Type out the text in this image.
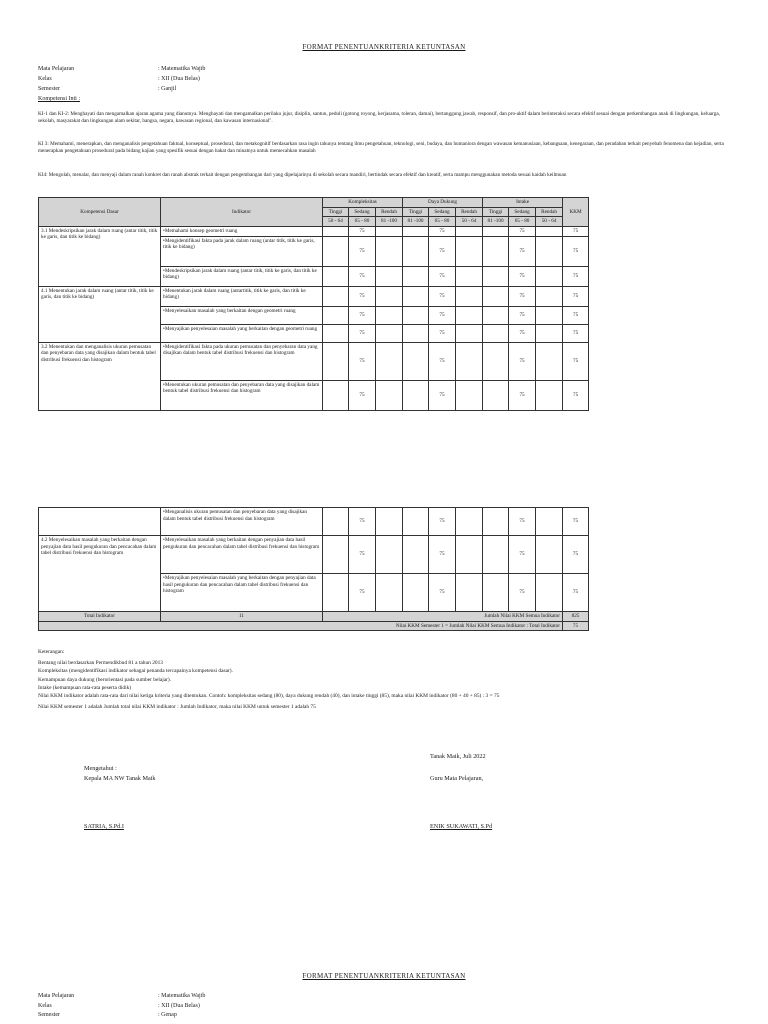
FORMAT PENENTUANKRITERIA KETUNTASAN
Mata Pelajaran	: Matematika Wajib
Kelas	: XII (Dua Belas)
Semester	: Ganjil
Kompetensi Inti :
KI-1 dan KI-2: Menghayati dan mengamalkan ajaran agama yang dianutnya. Menghayati dan mengamalkan perilaku jujur, disiplin, santun, peduli (gotong royong, kerjasama, toleran, damai), bertanggung jawab, responsif, dan pro-aktif dalam berinteraksi secara efektif sesuai dengan perkembangan anak di lingkungan, keluarga, sekolah, masyarakat dan lingkungan alam sekitar, bangsa, negara, kawasan regional, dan kawasan internasional".
KI 3: Memahami, menerapkan, dan menganalisis pengetahuan faktual, konseptual, prosedural, dan metakognitif berdasarkan rasa ingin tahunya tentang ilmu pengetahuan, teknologi, seni, budaya, dan humaniora dengan wawasan kemanusiaan, kebangsaan, kenegaraan, dan peradaban terkait penyebab fenomena dan kejadian, serta menerapkan pengetahuan prosedural pada bidang kajian yang spesifik sesuai dengan bakat dan minatnya untuk memecahkan masalah
KI4: Mengolah, menalar, dan menyaji dalam ranah konkret dan ranah abstrak terkait dengan pengembangan dari yang dipelajarinya di sekolah secara mandiri, bertindak secara efektif dan kreatif, serta mampu menggunakan metoda sesuai kaidah keilmuan
Kompetensi Dasar	Indikator	Kompleksitas			Daya Dukung			Intake			KKM
		Tinggi	Sedang	Rendah	Tinggi	Sedang	Rendah	Tinggi	Sedang	Rendah	
		50 - 64	65 - 80	81 -100	81 -100	65 - 80	50 - 64	81 -100	65 - 80	50 - 64	
3.1 Mendeskripsikan jarak dalam ruang (antar titik, titik ke garis, dan titik ke bidang)	• Memahami konsep geometri ruang		75			75			75		75
	• Mengidentifikasi fakta pada jarak dalam ruang (antar titik, titik ke garis, titik ke bidang)		75			75			75		75
	• Mendeskripsikan jarak dalam ruang (antar titik, titik ke garis, dan titik ke bidang)		75			75			75		75
4.1 Menentukan jarak dalam ruang (antar titik, titik ke garis, dan titik ke bidang)	• Menentukan jarak dalam ruang (antartitik, titik ke garis, dan titik ke bidang)		75			75			75		75
	• Menyelesaikan masalah yang berkaitan dengan geometri ruang		75			75			75		75
	• Menyajikan penyelesaian masalah yang berkaitan dengan geometri ruang		75			75			75		75
3.2 Menentukan dan menganalisis ukuran pemusatan dan penyebaran data yang disajikan dalam bentuk tabel distribusi frekuensi dan histogram	• Mengidentifikasi fakta pada ukuran pemusatan dan penyebaran data yang disajikan dalam bentuk tabel distribusi frekuensi dan histogram		75			75			75		75
	• Menentukan ukuran pemusatan dan penyebaran data yang disajikan dalam bentuk tabel distribusi frekuensi dan histogram		75			75			75		75
	• Menganalisis ukuran pemusatan dan penyebaran data yang disajikan dalam bentuk tabel distribusi frekuensi dan histogram		75			75			75		75
4.2 Menyelesaikan masalah yang berkaitan dengan penyajian data hasil pengukuran dan pencacahan dalam tabel distribusi frekuensi dan histogram	• Menyelesaikan masalah yang berkaitan dengan penyajian data hasil pengukuran dan pencacahan dalam tabel distribusi frekuensi dan histogram		75			75			75		75
	• Menyajikan penyelesaian masalah yang berkaitan dengan penyajian data hasil pengukuran dan pencacahan dalam tabel distribusi frekuensi dan histogram		75			75			75		75
Total Indikator	11	Jumlah Nilai KKM Semua Indikator									825
Nilai KKM Semester 1 = Jumlah Nilai KKM Semua Indikator : Total Indikator											75
Keterangan:
Rentang nilai berdasarkan Permendikbud 81 a tahun 2013
Kompleksitas (mengidentifikasi indikator sebagai penanda tercapainya kompetensi dasar).
Kemampuan daya dukung (berorientasi pada sumber belajar).
Intake (kemampuan rata-rata peserta didik)
Nilai KKM indikator adalah rata-rata dari nilai ketiga kriteria yang ditentukan. Contoh: kompleksitas sedang (80), daya dukung rendah (40), dan intake tinggi (85), maka nilai KKM indikator (80 + 40 + 85) : 3 = 75
Nilai KKM semester 1 adalah Jumlah total nilai KKM indikator : Jumlah Indikator, maka nilai KKM untuk semester 1 adalah 75
Tanak Maik, Juli 2022
Mengetahui :
Kepala MA NW Tanak Maik	Guru Mata Pelajaran,
SATRIA, S.Pd.I	ENIK SUKAWATI, S.Pd
FORMAT PENENTUANKRITERIA KETUNTASAN
Mata Pelajaran	: Matematika Wajib
Kelas	: XII (Dua Belas)
Semester	: Genap
